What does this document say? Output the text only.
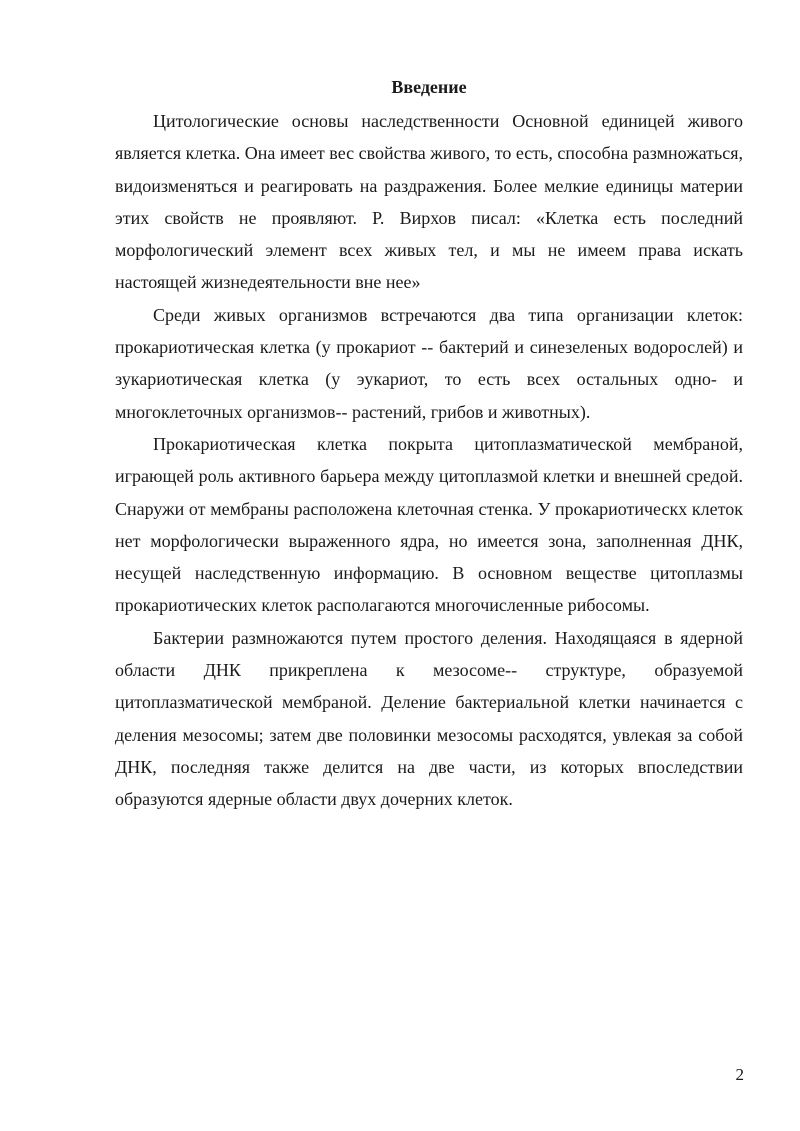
Введение

Цитологические основы наследственности Основной единицей живого является клетка. Она имеет вес свойства живого, то есть, способна размножаться, видоизменяться и реагировать на раздражения. Более мелкие единицы материи этих свойств не проявляют. Р. Вирхов писал: «Клетка есть последний морфологический элемент всех живых тел, и мы не имеем права искать настоящей жизнедеятельности вне нее»

Среди живых организмов встречаются два типа организации клеток: прокариотическая клетка (у прокариот -- бактерий и синезеленых водорослей) и зукариотическая клетка (у эукариот, то есть всех остальных одно- и многоклеточных организмов-- растений, грибов и животных).

Прокариотическая клетка покрыта цитоплазматической мембраной, играющей роль активного барьера между цитоплазмой клетки и внешней средой. Снаружи от мембраны расположена клеточная стенка. У прокариотическх клеток нет морфологически выраженного ядра, но имеется зона, заполненная ДНК, несущей наследственную информацию. В основном веществе цитоплазмы прокариотических клеток располагаются многочисленные рибосомы.

Бактерии размножаются путем простого деления. Находящаяся в ядерной области ДНК прикреплена к мезосоме-- структуре, образуемой цитоплазматической мембраной. Деление бактериальной клетки начинается с деления мезосомы; затем две половинки мезосомы расходятся, увлекая за собой ДНК, последняя также делится на две части, из которых впоследствии образуются ядерные области двух дочерних клеток.

2
